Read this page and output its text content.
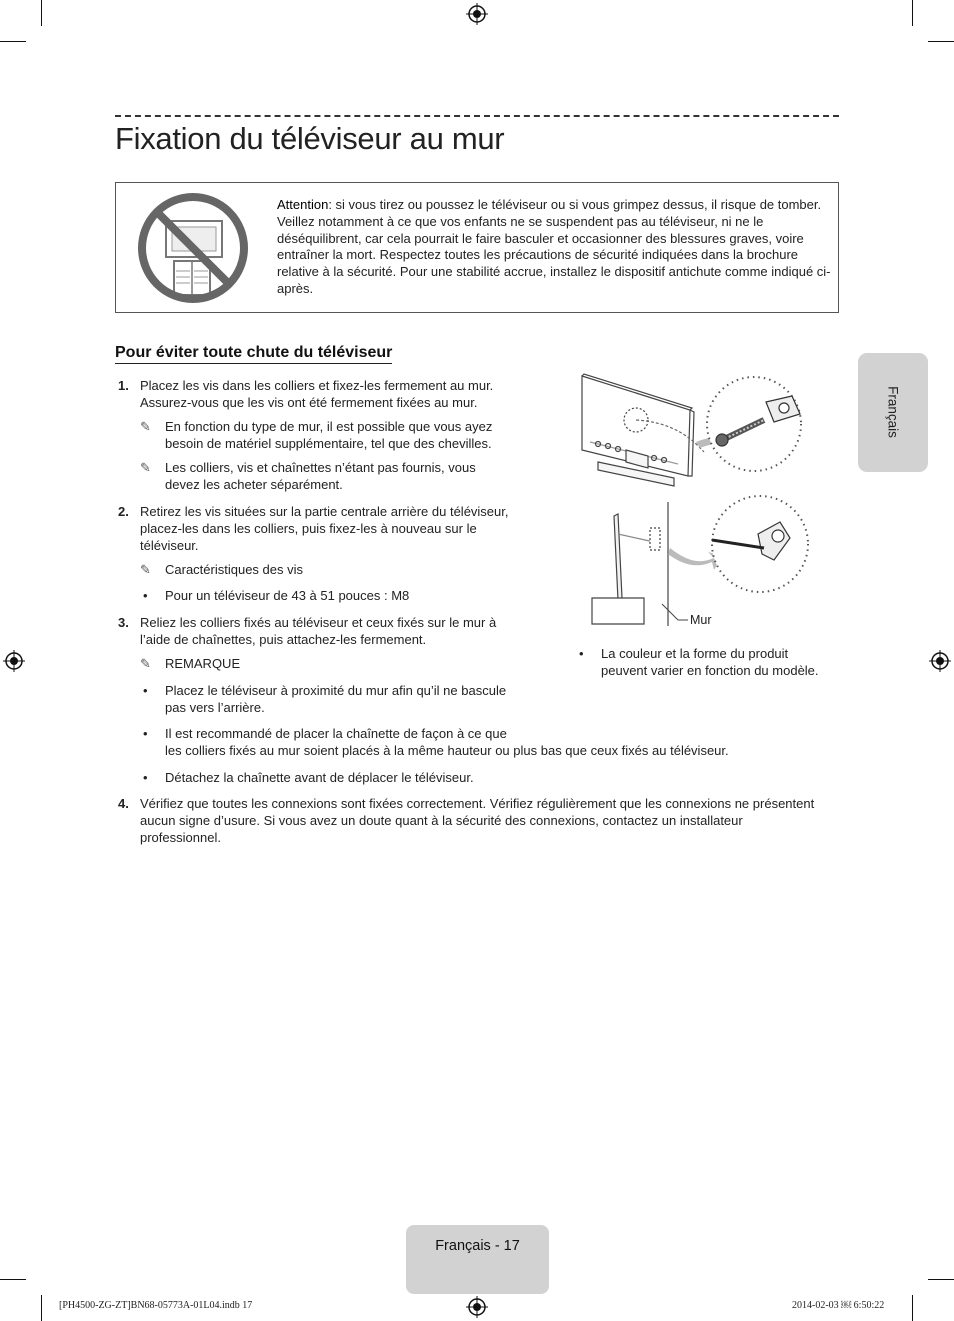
Fixation du téléviseur au mur

Attention: si vous tirez ou poussez le téléviseur ou si vous grimpez dessus, il risque de tomber. Veillez notamment à ce que vos enfants ne se suspendent pas au téléviseur, ni ne le déséquilibrent, car cela pourrait le faire basculer et occasionner des blessures graves, voire entraîner la mort. Respectez toutes les précautions de sécurité indiquées dans la brochure relative à la sécurité. Pour une stabilité accrue, installez le dispositif antichute comme indiqué ci-après.

Français
Pour éviter toute chute du téléviseur
1. Placez les vis dans les colliers et fixez-les fermement au mur.
Assurez-vous que les vis ont été fermement fixées au mur.
✎ En fonction du type de mur, il est possible que vous ayez
besoin de matériel supplémentaire, tel que des chevilles.
✎ Les colliers, vis et chaînettes n’étant pas fournis, vous
devez les acheter séparément.
2. Retirez les vis situées sur la partie centrale arrière du téléviseur,
placez-les dans les colliers, puis fixez-les à nouveau sur le
téléviseur.
✎ Caractéristiques des vis
• Pour un téléviseur de 43 à 51 pouces : M8
3. Reliez les colliers fixés au téléviseur et ceux fixés sur le mur à
l’aide de chaînettes, puis attachez-les fermement.
✎ REMARQUE
• Placez le téléviseur à proximité du mur afin qu’il ne bascule
pas vers l’arrière.
• Il est recommandé de placer la chaînette de façon à ce que
les colliers fixés au mur soient placés à la même hauteur ou plus bas que ceux fixés au téléviseur.
• Détachez la chaînette avant de déplacer le téléviseur.
4. Vérifiez que toutes les connexions sont fixées correctement. Vérifiez régulièrement que les connexions ne présentent
aucun signe d’usure. Si vous avez un doute quant à la sécurité des connexions, contactez un installateur
professionnel.
Mur
• La couleur et la forme du produit
peuvent varier en fonction du modèle.
Français - 17
[PH4500-ZG-ZT]BN68-05773A-01L04.indb 17	2014-02-03 ￼ 6:50:22
